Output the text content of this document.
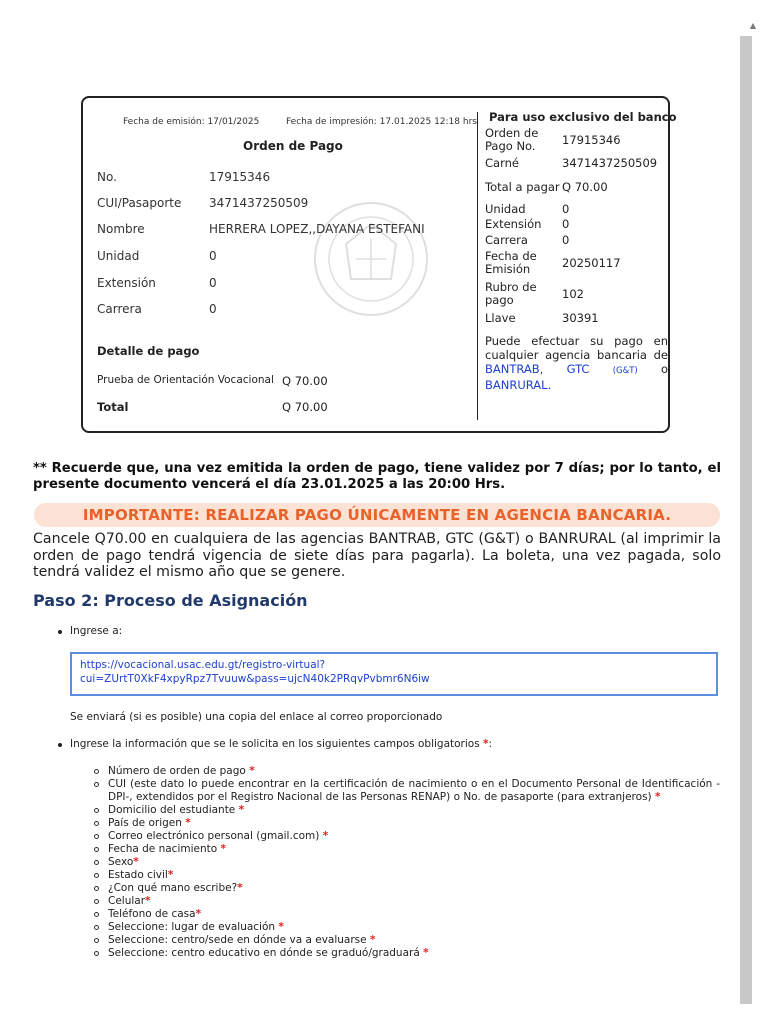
Fecha de emisión: 17/01/2025	Fecha de impresión: 17.01.2025 12:18 hrs
Orden de Pago
No.	17915346
CUI/Pasaporte 3471437250509
Nombre	HERRERA LOPEZ,,DAYANA ESTEFANI
Unidad	0
Extensión	0
Carrera	0
Detalle de pago
Prueba de Orientación Vocacional Q 70.00
Total	Q 70.00
Para uso exclusivo del banco
Orden de Pago No.	17915346
Carné	3471437250509
Total a pagar	Q 70.00
Unidad	0
Extensión	0
Carrera	0
Fecha de Emisión	20250117
Rubro de pago	102
Llave	30391
Puede efectuar su pago en cualquier agencia bancaria de BANTRAB, GTC	(G&T) o BANRURAL.
** Recuerde que, una vez emitida la orden de pago, tiene validez por 7 días; por lo tanto, el presente documento vencerá el día 23.01.2025 a las 20:00 Hrs.
IMPORTANTE: REALIZAR PAGO ÚNICAMENTE EN AGENCIA BANCARIA.
Cancele Q70.00 en cualquiera de las agencias BANTRAB, GTC (G&T) o BANRURAL (al imprimir la orden de pago tendrá vigencia de siete días para pagarla). La boleta, una vez pagada, solo tendrá validez el mismo año que se genere.
Paso 2: Proceso de Asignación
Ingrese a:
https://vocacional.usac.edu.gt/registro-virtual?
cui=ZUrtT0XkF4xpyRpz7Tvuuw&pass=ujcN40k2PRqvPvbmr6N6iw
Se enviará (si es posible) una copia del enlace al correo proporcionado
Ingrese la información que se le solicita en los siguientes campos obligatorios *:
Número de orden de pago *
CUI (este dato lo puede encontrar en la certificación de nacimiento o en el Documento Personal de Identificación -DPI-, extendidos por el Registro Nacional de las Personas RENAP) o No. de pasaporte (para extranjeros) *
Domicilio del estudiante *
País de origen *
Correo electrónico personal (gmail.com) *
Fecha de nacimiento *
Sexo*
Estado civil*
¿Con qué mano escribe?*
Celular*
Teléfono de casa*
Seleccione: lugar de evaluación *
Seleccione: centro/sede en dónde va a evaluarse *
Seleccione: centro educativo en dónde se graduó/graduará *
▲
